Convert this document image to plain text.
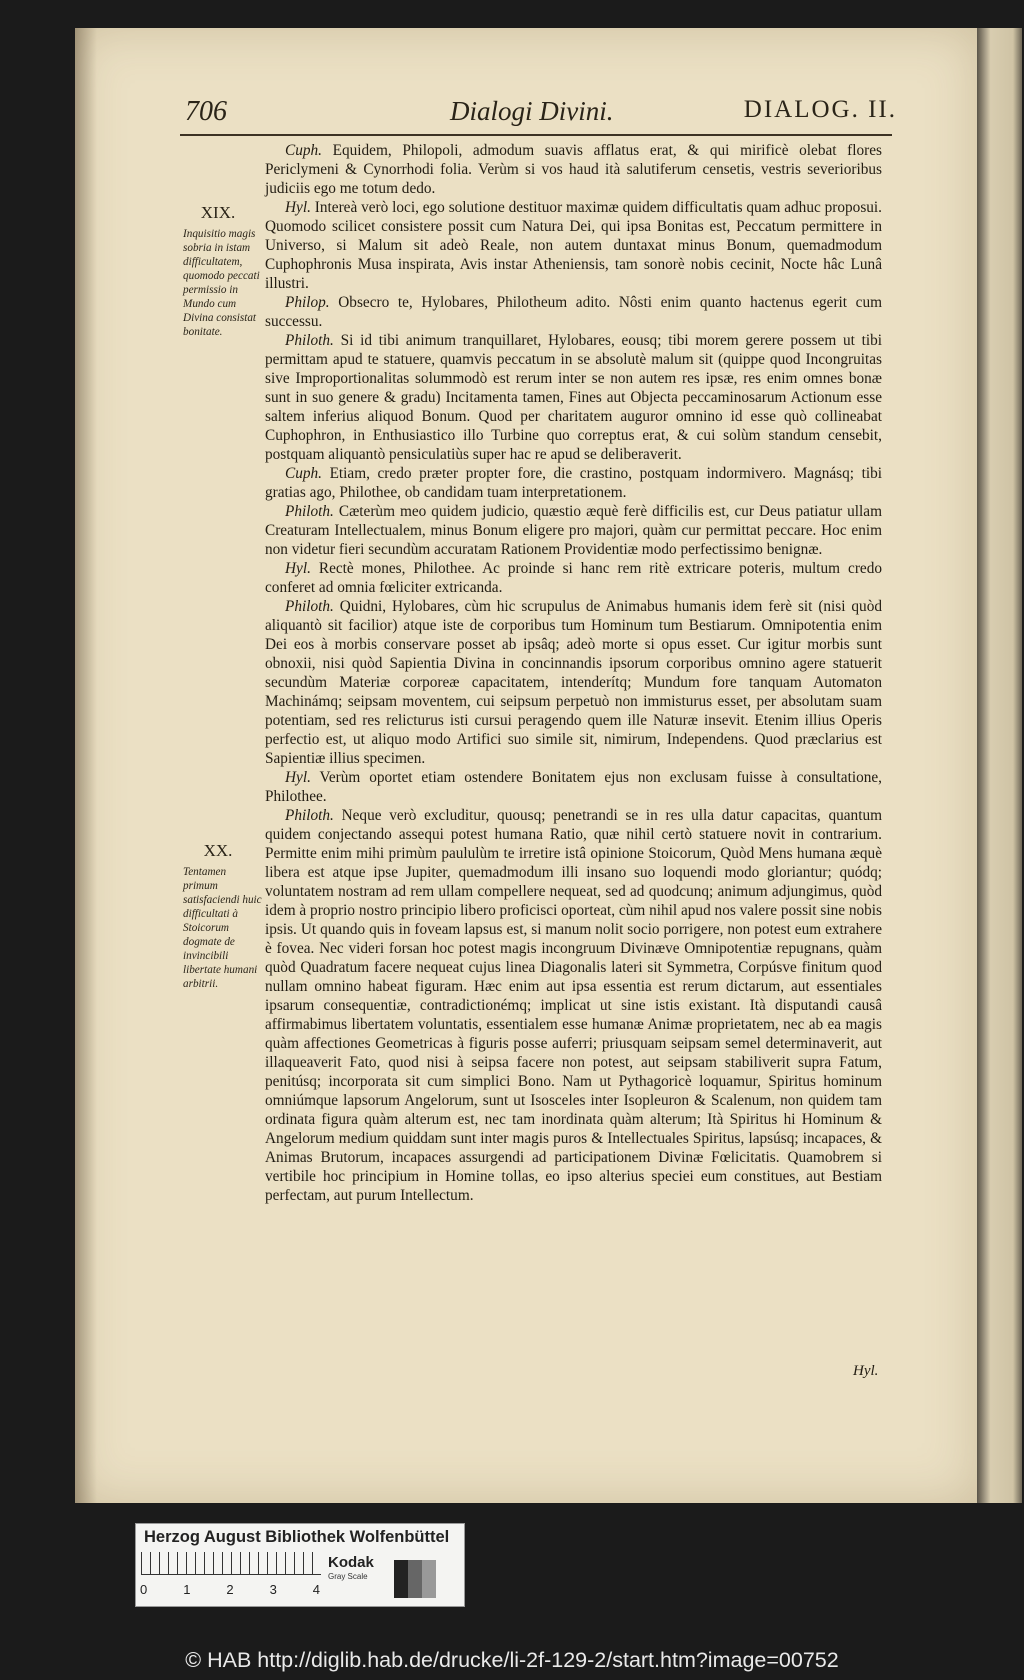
706	Dialogi Divini.	DIALOG. II.
XIX.
Inquisitio magis sobria in istam difficultatem, quomodo peccati permissio in Mundo cum Divina consistat bonitate.
XX.
Tentamen primum satisfaciendi huic difficultati à Stoicorum dogmate de invincibili libertate humani arbitrii.

Cuph. Equidem, Philopoli, admodum suavis afflatus erat, & qui mirificè olebat flores Periclymeni & Cynorrhodi folia. Verùm si vos haud ità salutiferum censetis, vestris severioribus judiciis ego me totum dedo.

Hyl. Intereà verò loci, ego solutione destituor maximæ quidem difficultatis quam adhuc proposui. Quomodo scilicet consistere possit cum Natura Dei, qui ipsa Bonitas est, Peccatum permittere in Universo, si Malum sit adeò Reale, non autem duntaxat minus Bonum, quemadmodum Cuphophronis Musa inspirata, Avis instar Atheniensis, tam sonorè nobis cecinit, Nocte hâc Lunâ illustri.

Philop. Obsecro te, Hylobares, Philotheum adito. Nôsti enim quanto hactenus egerit cum successu.

Philoth. Si id tibi animum tranquillaret, Hylobares, eousq; tibi morem gerere possem ut tibi permittam apud te statuere, quamvis peccatum in se absolutè malum sit (quippe quod Incongruitas sive Improportionalitas solummodò est rerum inter se non autem res ipsæ, res enim omnes bonæ sunt in suo genere & gradu) Incitamenta tamen, Fines aut Objecta peccaminosarum Actionum esse saltem inferius aliquod Bonum. Quod per charitatem auguror omnino id esse quò collineabat Cuphophron, in Enthusiastico illo Turbine quo correptus erat, & cui solùm standum censebit, postquam aliquantò pensiculatiùs super hac re apud se deliberaverit.

Cuph. Etiam, credo præter propter fore, die crastino, postquam indormivero. Magnásq; tibi gratias ago, Philothee, ob candidam tuam interpretationem.

Philoth. Cæterùm meo quidem judicio, quæstio æquè ferè difficilis est, cur Deus patiatur ullam Creaturam Intellectualem, minus Bonum eligere pro majori, quàm cur permittat peccare. Hoc enim non videtur fieri secundùm accuratam Rationem Providentiæ modo perfectissimo benignæ.

Hyl. Rectè mones, Philothee. Ac proinde si hanc rem ritè extricare poteris, multum credo conferet ad omnia fœliciter extricanda.

Philoth. Quidni, Hylobares, cùm hic scrupulus de Animabus humanis idem ferè sit (nisi quòd aliquantò sit facilior) atque iste de corporibus tum Hominum tum Bestiarum. Omnipotentia enim Dei eos à morbis conservare posset ab ipsâq; adeò morte si opus esset. Cur igitur morbis sunt obnoxii, nisi quòd Sapientia Divina in concinnandis ipsorum corporibus omnino agere statuerit secundùm Materiæ corporeæ capacitatem, intenderítq; Mundum fore tanquam Automaton Machinámq; seipsam moventem, cui seipsum perpetuò non immisturus esset, per absolutam suam potentiam, sed res relicturus isti cursui peragendo quem ille Naturæ insevit. Etenim illius Operis perfectio est, ut aliquo modo Artifici suo simile sit, nimirum, Independens. Quod præclarius est Sapientiæ illius specimen.

Hyl. Verùm oportet etiam ostendere Bonitatem ejus non exclusam fuisse à consultatione, Philothee.

Philoth. Neque verò excluditur, quousq; penetrandi se in res ulla datur capacitas, quantum quidem conjectando assequi potest humana Ratio, quæ nihil certò statuere novit in contrarium. Permitte enim mihi primùm paululùm te irretire istâ opinione Stoicorum, Quòd Mens humana æquè libera est atque ipse Jupiter, quemadmodum illi insano suo loquendi modo gloriantur; quódq; voluntatem nostram ad rem ullam compellere nequeat, sed ad quodcunq; animum adjungimus, quòd idem à proprio nostro principio libero proficisci oporteat, cùm nihil apud nos valere possit sine nobis ipsis. Ut quando quis in foveam lapsus est, si manum nolit socio porrigere, non potest eum extrahere è fovea. Nec videri forsan hoc potest magis incongruum Divinæve Omnipotentiæ repugnans, quàm quòd Quadratum facere nequeat cujus linea Diagonalis lateri sit Symmetra, Corpúsve finitum quod nullam omnino habeat figuram. Hæc enim aut ipsa essentia est rerum dictarum, aut essentiales ipsarum consequentiæ, contradictionémq; implicat ut sine istis existant. Ità disputandi causâ affirmabimus libertatem voluntatis, essentialem esse humanæ Animæ proprietatem, nec ab ea magis quàm affectiones Geometricas à figuris posse auferri; priusquam seipsam semel determinaverit, aut illaqueaverit Fato, quod nisi à seipsa facere non potest, aut seipsam stabiliverit supra Fatum, penitúsq; incorporata sit cum simplici Bono. Nam ut Pythagoricè loquamur, Spiritus hominum omniúmque lapsorum Angelorum, sunt ut Isosceles inter Isopleuron & Scalenum, non quidem tam ordinata figura quàm alterum est, nec tam inordinata quàm alterum; Ità Spiritus hi Hominum & Angelorum medium quiddam sunt inter magis puros & Intellectuales Spiritus, lapsúsq; incapaces, & Animas Brutorum, incapaces assurgendi ad participationem Divinæ Fœlicitatis. Quamobrem si vertibile hoc principium in Homine tollas, eo ipso alterius speciei eum constitues, aut Bestiam perfectam, aut purum Intellectum.

Hyl.
Herzog August Bibliothek Wolfenbüttel
0	1	2	3	4
Kodak
Gray Scale
© HAB http://diglib.hab.de/drucke/li-2f-129-2/start.htm?image=00752
